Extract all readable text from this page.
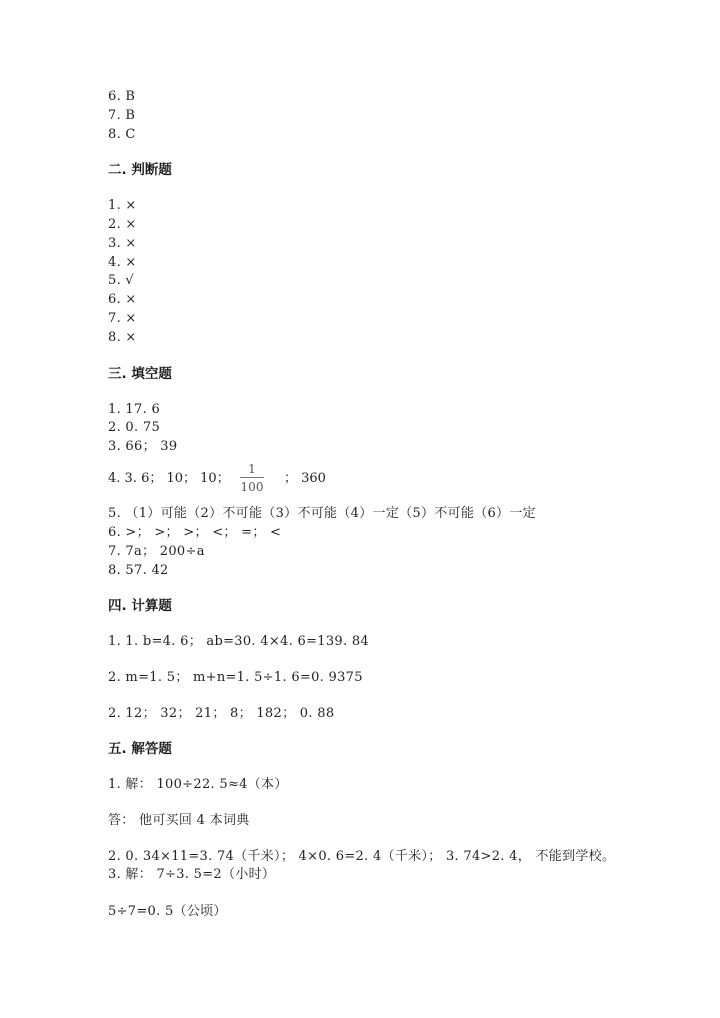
6. B
7. B
8. C
二. 判断题
1. ×
2. ×
3. ×
4. ×
5. √
6. ×
7. ×
8. ×
三. 填空题
1. 17. 6
2. 0. 75
3. 66； 39
4. 3. 6； 10； 10；
1
100
； 360
5. （1）可能（2）不可能（3）不可能（4）一定（5）不可能（6）一定
6. >； >； >； <； =； <
7. 7a； 200÷a
8. 57. 42
四. 计算题
1. 1. b=4. 6； ab=30. 4×4. 6=139. 84
2. m=1. 5； m+n=1. 5÷1. 6=0. 9375
2. 12； 32； 21； 8； 182； 0. 88
五. 解答题
1. 解： 100÷22. 5≈4（本）
答： 他可买回 4 本词典
2. 0. 34×11=3. 74（千米）； 4×0. 6=2. 4（千米）； 3. 74>2. 4， 不能到学校。
3. 解： 7÷3. 5=2（小时）
5÷7=0. 5（公顷）
